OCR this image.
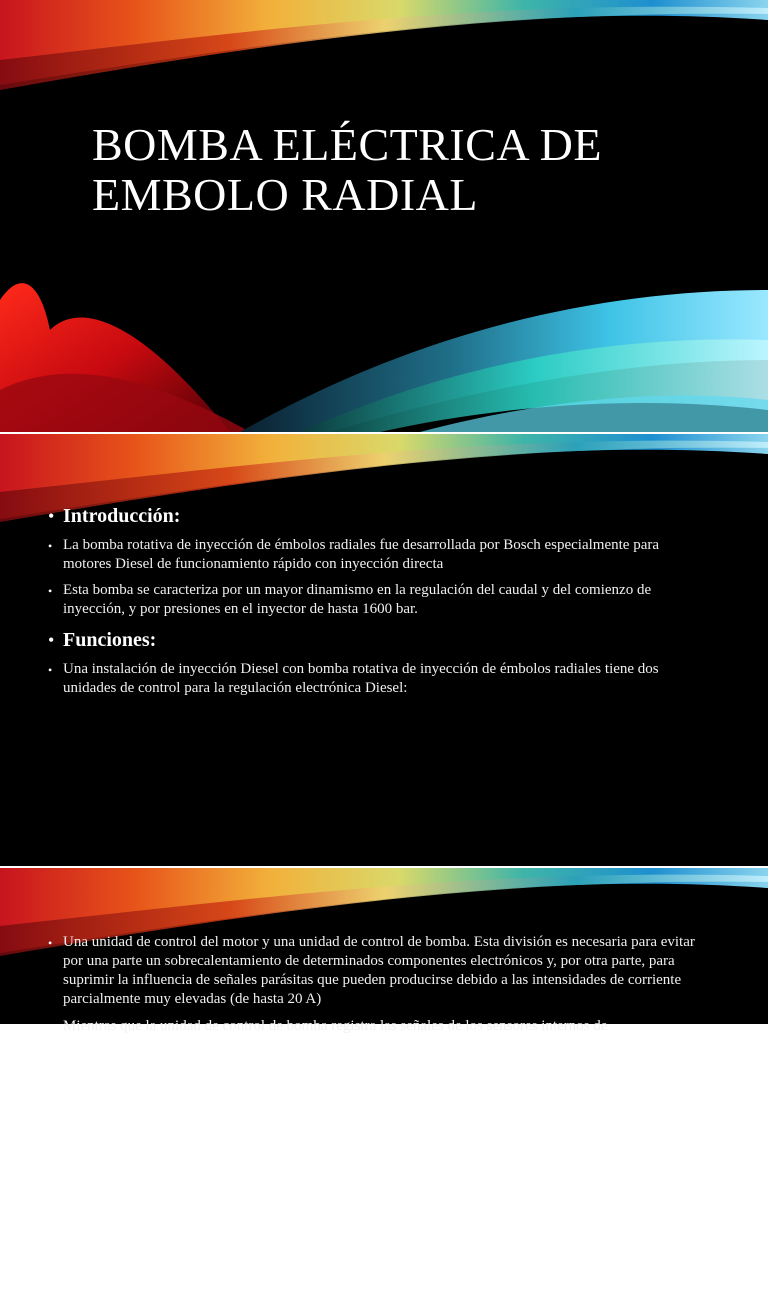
BOMBA ELÉCTRICA DE
EMBOLO RADIAL
• Introducción:
• La bomba rotativa de inyección de émbolos radiales fue desarrollada por Bosch especialmente para motores Diesel de funcionamiento rápido con inyección directa
• Esta bomba se caracteriza por un mayor dinamismo en la regulación del caudal y del comienzo de inyección, y por presiones en el inyector de hasta 1600 bar.
• Funciones:
• Una instalación de inyección Diesel con bomba rotativa de inyección de émbolos radiales tiene dos unidades de control para la regulación electrónica Diesel:
• Una unidad de control del motor y una unidad de control de bomba. Esta división es necesaria para evitar por una parte un sobrecalentamiento de determinados componentes electrónicos y, por otra parte, para suprimir la influencia de señales parásitas que pueden producirse debido a las intensidades de corriente parcialmente muy elevadas (de hasta 20 A)
• Mientras que la unidad de control de bomba registra las señales de los sensores internos de
